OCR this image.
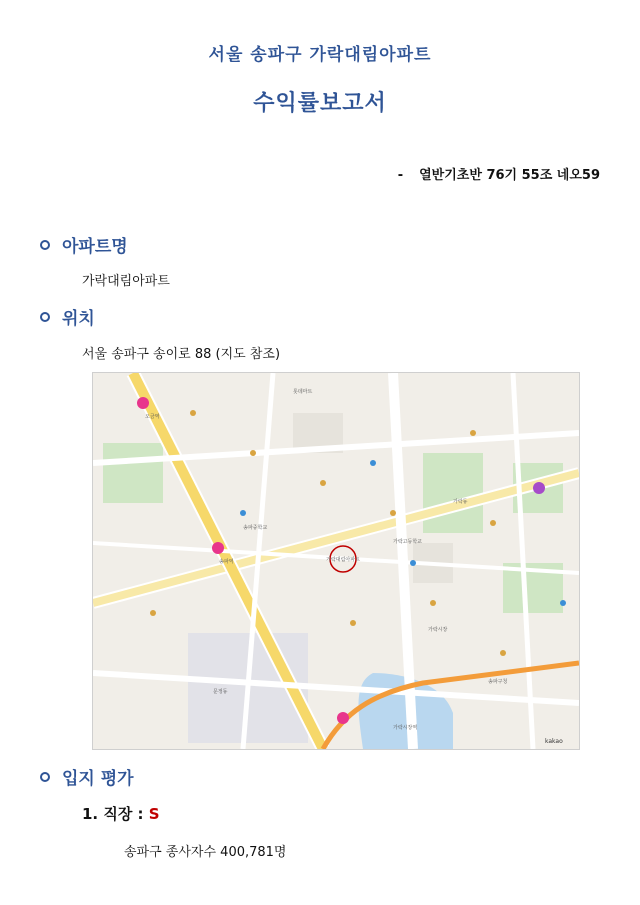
서울 송파구 가락대림아파트
수익률보고서
- 열반기초반 76기 55조 네오59
아파트명
가락대림아파트
위치
서울 송파구 송이로 88 (지도 참조)
가락대림아파트
오금역
가락시장역
송파역
가락시장
송파구청
롯데마트
가락동
문정동
송파중학교
가락고등학교
kakao
입지 평가
1. 직장 : S
송파구 종사자수 400,781명
